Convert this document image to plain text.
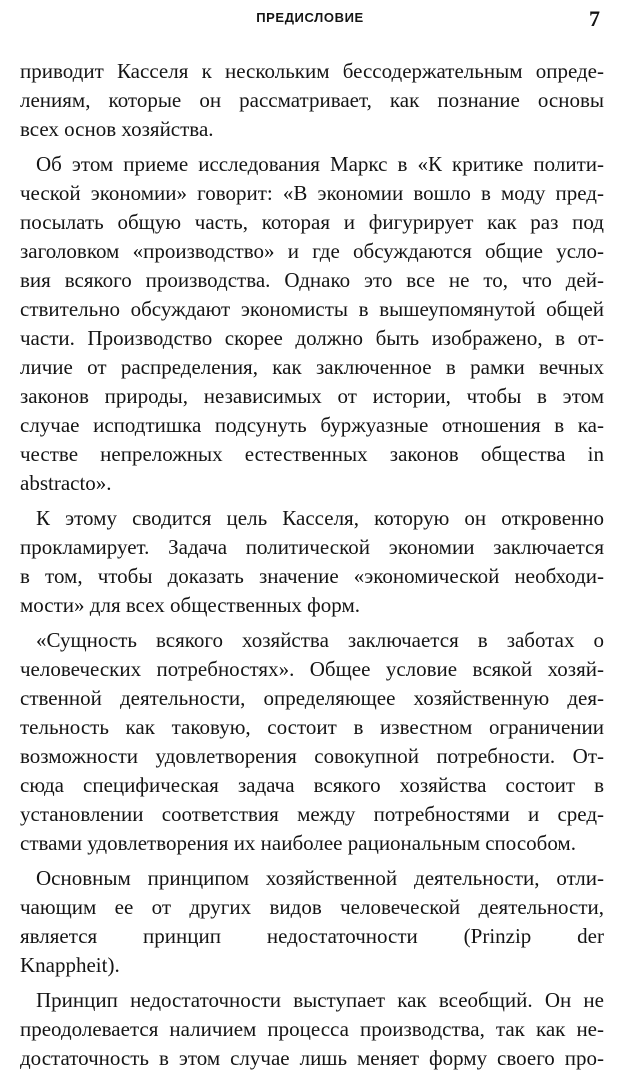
ПРЕДИСЛОВИЕ	7
приводит Касселя к нескольким бессодержательным опреде-
лениям, которые он рассматривает, как познание основы
всех основ хозяйства.
Об этом приеме исследования Маркс в «К критике полити-
ческой экономии» говорит: «В экономии вошло в моду пред-
посылать общую часть, которая и фигурирует как раз под
заголовком «производство» и где обсуждаются общие усло-
вия всякого производства. Однако это все не то, что дей-
ствительно обсуждают экономисты в вышеупомянутой общей
части. Производство скорее должно быть изображено, в от-
личие от распределения, как заключенное в рамки вечных
законов природы, независимых от истории, чтобы в этом
случае исподтишка подсунуть буржуазные отношения в ка-
честве непреложных естественных законов общества in
abstracto».
К этому сводится цель Касселя, которую он откровенно
прокламирует. Задача политической экономии заключается
в том, чтобы доказать значение «экономической необходи-
мости» для всех общественных форм.
«Сущность всякого хозяйства заключается в заботах о
человеческих потребностях». Общее условие всякой хозяй-
ственной деятельности, определяющее хозяйственную дея-
тельность как таковую, состоит в известном ограничении
возможности удовлетворения совокупной потребности. От-
сюда специфическая задача всякого хозяйства состоит в
установлении соответствия между потребностями и сред-
ствами удовлетворения их наиболее рациональным способом.
Основным принципом хозяйственной деятельности, отли-
чающим ее от других видов человеческой деятельности,
является принцип недостаточности (Prinzip der
Knappheit).
Принцип недостаточности выступает как всеобщий. Он не
преодолевается наличием процесса производства, так как не-
достаточность в этом случае лишь меняет форму своего про-
